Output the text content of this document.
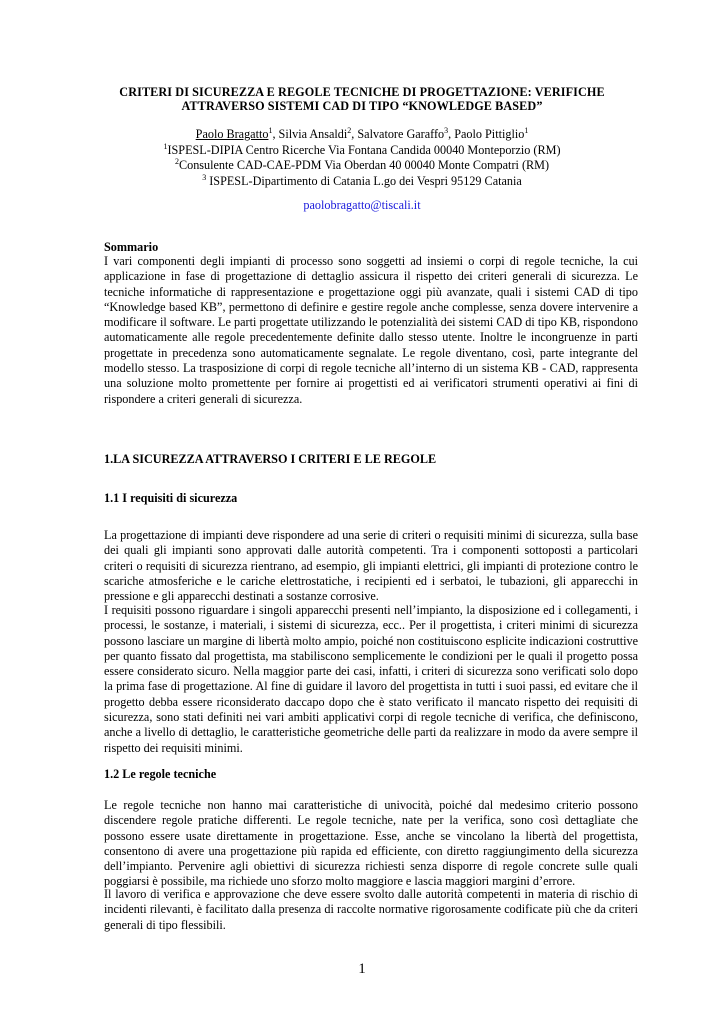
CRITERI DI SICUREZZA E REGOLE TECNICHE DI PROGETTAZIONE: VERIFICHE
ATTRAVERSO SISTEMI CAD DI TIPO “KNOWLEDGE BASED”
Paolo Bragatto$^1$, Silvia Ansaldi$^2$, Salvatore Garaffo$^3$, Paolo Pittiglio$^1$
$^1$ISPESL-DIPIA Centro Ricerche Via Fontana Candida 00040 Monteporzio (RM)
$^2$Consulente CAD-CAE-PDM Via Oberdan 40 00040 Monte Compatri (RM)
$^3$ ISPESL-Dipartimento di Catania L.go dei Vespri 95129 Catania
paolobragatto@tiscali.it
Sommario

I vari componenti degli impianti di processo sono soggetti ad insiemi o corpi di regole tecniche, la cui applicazione in fase di progettazione di dettaglio assicura il rispetto dei criteri generali di sicurezza. Le tecniche informatiche di rappresentazione e progettazione oggi più avanzate, quali i sistemi CAD di tipo “Knowledge based KB”, permettono di definire e gestire regole anche complesse, senza dovere intervenire a modificare il software. Le parti progettate utilizzando le potenzialità dei sistemi CAD di tipo KB, rispondono automaticamente alle regole precedentemente definite dallo stesso utente. Inoltre le incongruenze in parti progettate in precedenza sono automaticamente segnalate. Le regole diventano, così, parte integrante del modello stesso. La trasposizione di corpi di regole tecniche all’interno di un sistema KB - CAD, rappresenta una soluzione molto promettente per fornire ai progettisti ed ai verificatori strumenti operativi ai fini di rispondere a criteri generali di sicurezza.

1.LA SICUREZZA ATTRAVERSO I CRITERI E LE REGOLE
1.1 I requisiti di sicurezza

La progettazione di impianti deve rispondere ad una serie di criteri o requisiti minimi di sicurezza, sulla base dei quali gli impianti sono approvati dalle autorità competenti. Tra i componenti sottoposti a particolari criteri o requisiti di sicurezza rientrano, ad esempio, gli impianti elettrici, gli impianti di protezione contro le scariche atmosferiche e le cariche elettrostatiche, i recipienti ed i serbatoi, le tubazioni, gli apparecchi in pressione e gli apparecchi destinati a sostanze corrosive.

I requisiti possono riguardare i singoli apparecchi presenti nell’impianto, la disposizione ed i collegamenti, i processi, le sostanze, i materiali, i sistemi di sicurezza, ecc.. Per il progettista, i criteri minimi di sicurezza possono lasciare un margine di libertà molto ampio, poiché non costituiscono esplicite indicazioni costruttive per quanto fissato dal progettista, ma stabiliscono semplicemente le condizioni per le quali il progetto possa essere considerato sicuro. Nella maggior parte dei casi, infatti, i criteri di sicurezza sono verificati solo dopo la prima fase di progettazione. Al fine di guidare il lavoro del progettista in tutti i suoi passi, ed evitare che il progetto debba essere riconsiderato daccapo dopo che è stato verificato il mancato rispetto dei requisiti di sicurezza, sono stati definiti nei vari ambiti applicativi corpi di regole tecniche di verifica, che definiscono, anche a livello di dettaglio, le caratteristiche geometriche delle parti da realizzare in modo da avere sempre il rispetto dei requisiti minimi.

1.2 Le regole tecniche

Le regole tecniche non hanno mai caratteristiche di univocità, poiché dal medesimo criterio possono discendere regole pratiche differenti. Le regole tecniche, nate per la verifica, sono così dettagliate che possono essere usate direttamente in progettazione. Esse, anche se vincolano la libertà del progettista, consentono di avere una progettazione più rapida ed efficiente, con diretto raggiungimento della sicurezza dell’impianto. Pervenire agli obiettivi di sicurezza richiesti senza disporre di regole concrete sulle quali poggiarsi è possibile, ma richiede uno sforzo molto maggiore e lascia maggiori margini d’errore.

Il lavoro di verifica e approvazione che deve essere svolto dalle autorità competenti in materia di rischio di incidenti rilevanti, è facilitato dalla presenza di raccolte normative rigorosamente codificate più che da criteri generali di tipo flessibili.

1
